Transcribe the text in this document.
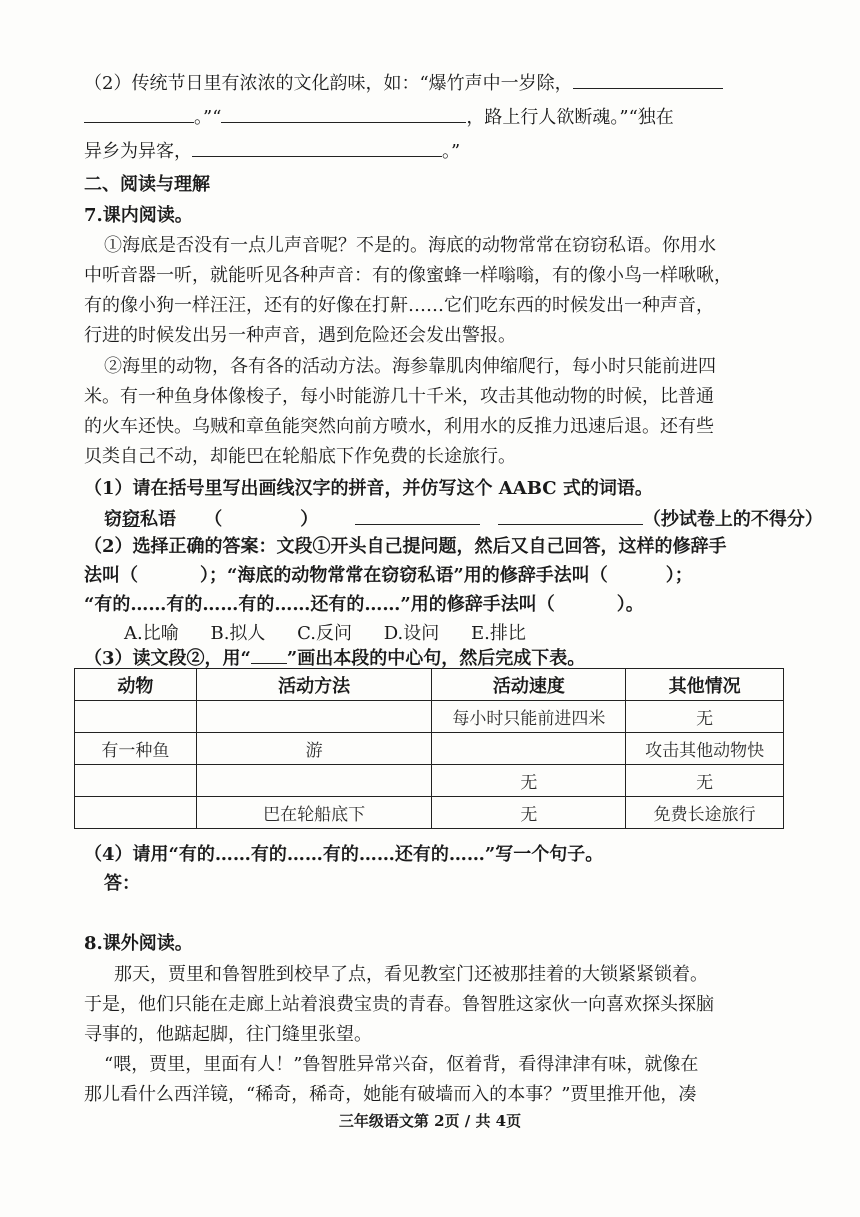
（2）传统节日里有浓浓的文化韵味，如：“爆竹声中一岁除，
。”“	，路上行人欲断魂。”“独在
异乡为异客，	。”
二、阅读与理解
7.课内阅读。
①海底是否没有一点儿声音呢？不是的。海底的动物常常在窃窃私语。你用水
中听音器一听，就能听见各种声音：有的像蜜蜂一样嗡嗡，有的像小鸟一样啾啾，
有的像小狗一样汪汪，还有的好像在打鼾……它们吃东西的时候发出一种声音，
行进的时候发出另一种声音，遇到危险还会发出警报。
②海里的动物，各有各的活动方法。海参靠肌肉伸缩爬行，每小时只能前进四
米。有一种鱼身体像梭子，每小时能游几十千米，攻击其他动物的时候，比普通
的火车还快。乌贼和章鱼能突然向前方喷水，利用水的反推力迅速后退。还有些
贝类自己不动，却能巴在轮船底下作免费的长途旅行。
（1）请在括号里写出画线汉字的拼音，并仿写这个 AABC 式的词语。
窃窃私语 （	）	（抄试卷上的不得分）
（2）选择正确的答案：文段①开头自己提问题，然后又自己回答，这样的修辞手
法叫（	）；“海底的动物常常在窃窃私语”用的修辞手法叫（	）；
“有的……有的……有的……还有的……”用的修辞手法叫（	）。
A.比喻 B.拟人 C.反问 D.设问 E.排比
（3）读文段②，用“ ”画出本段的中心句，然后完成下表。
动物	活动方法	活动速度	其他情况
		每小时只能前进四米	无
有一种鱼	游		攻击其他动物快
		无	无
	巴在轮船底下	无	免费长途旅行
（4）请用“有的……有的……有的……还有的……”写一个句子。
答：
8.课外阅读。
那天，贾里和鲁智胜到校早了点，看见教室门还被那挂着的大锁紧紧锁着。
于是，他们只能在走廊上站着浪费宝贵的青春。鲁智胜这家伙一向喜欢探头探脑
寻事的，他踮起脚，往门缝里张望。
“喂，贾里，里面有人！”鲁智胜异常兴奋，伛着背，看得津津有味，就像在
那儿看什么西洋镜，“稀奇，稀奇，她能有破墙而入的本事？”贾里推开他，凑
三年级语文第 2页 / 共 4页
